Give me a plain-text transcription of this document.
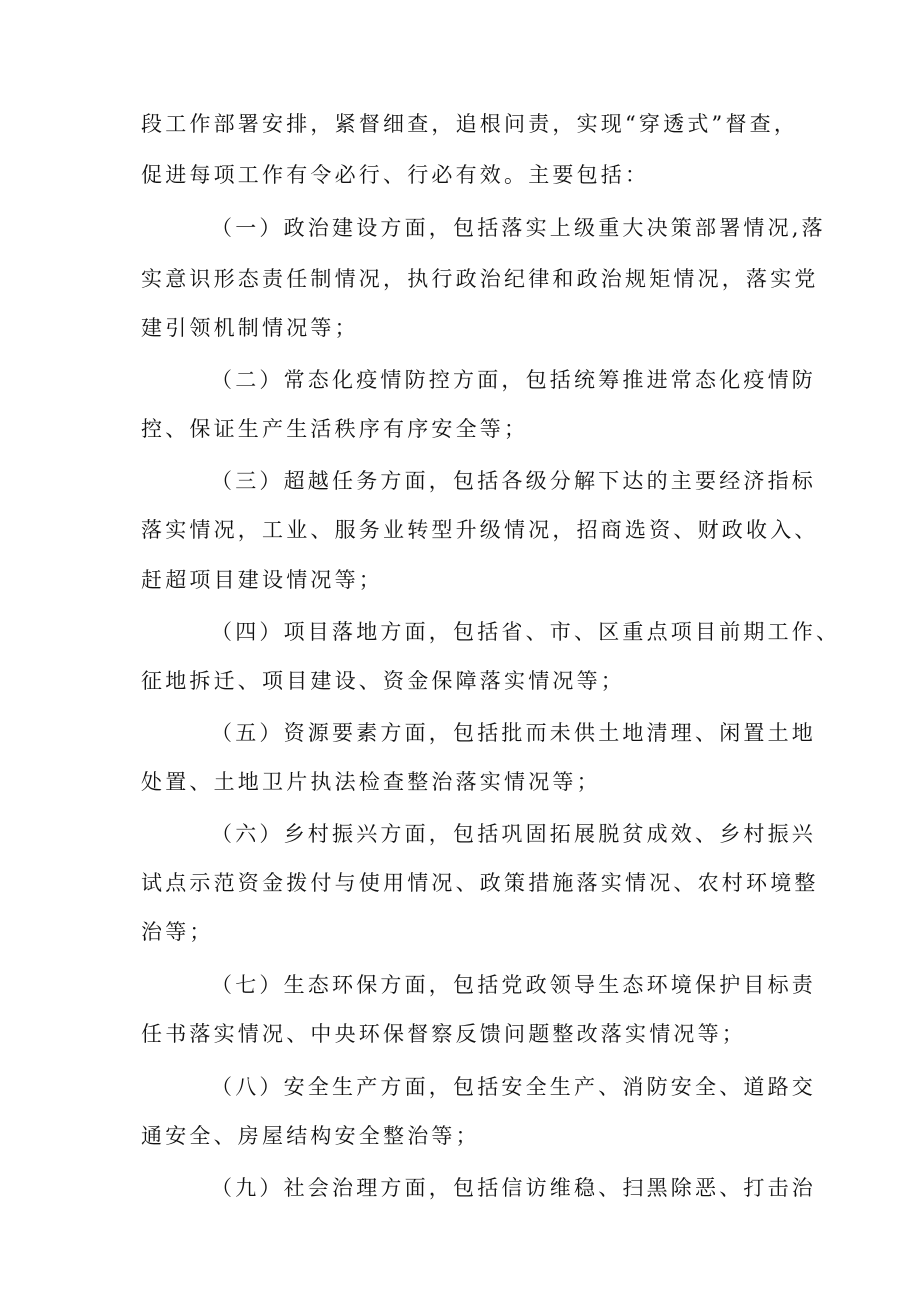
段工作部署安排，紧督细查，追根问责，实现“穿透式”督查，
促进每项工作有令必行、行必有效。主要包括：
（一）政治建设方面，包括落实上级重大决策部署情况,落
实意识形态责任制情况，执行政治纪律和政治规矩情况，落实党
建引领机制情况等；
（二）常态化疫情防控方面，包括统筹推进常态化疫情防
控、保证生产生活秩序有序安全等；
（三）超越任务方面，包括各级分解下达的主要经济指标
落实情况，工业、服务业转型升级情况，招商选资、财政收入、
赶超项目建设情况等；
（四）项目落地方面，包括省、市、区重点项目前期工作、
征地拆迁、项目建设、资金保障落实情况等；
（五）资源要素方面，包括批而未供土地清理、闲置土地
处置、土地卫片执法检查整治落实情况等；
（六）乡村振兴方面，包括巩固拓展脱贫成效、乡村振兴
试点示范资金拨付与使用情况、政策措施落实情况、农村环境整
治等；
（七）生态环保方面，包括党政领导生态环境保护目标责
任书落实情况、中央环保督察反馈问题整改落实情况等；
（八）安全生产方面，包括安全生产、消防安全、道路交
通安全、房屋结构安全整治等；
（九）社会治理方面，包括信访维稳、扫黑除恶、打击治
